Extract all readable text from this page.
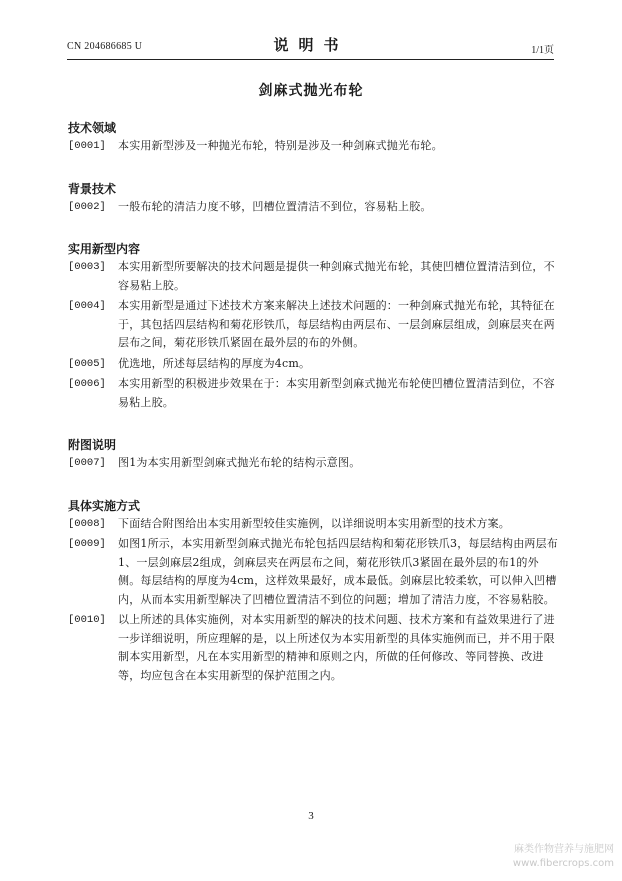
CN 204686685 U	说明书	1/1页
剑麻式抛光布轮
技术领域
[0001]	本实用新型涉及一种抛光布轮，特别是涉及一种剑麻式抛光布轮。
背景技术
[0002]	一般布轮的清洁力度不够，凹槽位置清洁不到位，容易粘上胶。
实用新型内容
[0003]	本实用新型所要解决的技术问题是提供一种剑麻式抛光布轮，其使凹槽位置清洁到位，不容易粘上胶。
[0004]	本实用新型是通过下述技术方案来解决上述技术问题的：一种剑麻式抛光布轮，其特征在于，其包括四层结构和菊花形铁爪，每层结构由两层布、一层剑麻层组成，剑麻层夹在两层布之间，菊花形铁爪紧固在最外层的布的外侧。
[0005]	优选地，所述每层结构的厚度为4cm。
[0006]	本实用新型的积极进步效果在于：本实用新型剑麻式抛光布轮使凹槽位置清洁到位，不容易粘上胶。
附图说明
[0007]	图1为本实用新型剑麻式抛光布轮的结构示意图。
具体实施方式
[0008]	下面结合附图给出本实用新型较佳实施例，以详细说明本实用新型的技术方案。
[0009]	如图1所示，本实用新型剑麻式抛光布轮包括四层结构和菊花形铁爪3，每层结构由两层布1、一层剑麻层2组成，剑麻层夹在两层布之间，菊花形铁爪3紧固在最外层的布1的外侧。每层结构的厚度为4cm，这样效果最好，成本最低。剑麻层比较柔软，可以伸入凹槽内，从而本实用新型解决了凹槽位置清洁不到位的问题；增加了清洁力度，不容易粘胶。
[0010]	以上所述的具体实施例，对本实用新型的解决的技术问题、技术方案和有益效果进行了进一步详细说明，所应理解的是，以上所述仅为本实用新型的具体实施例而已，并不用于限制本实用新型，凡在本实用新型的精神和原则之内，所做的任何修改、等同替换、改进等，均应包含在本实用新型的保护范围之内。
3
麻类作物营养与施肥网
www.fibercrops.com
